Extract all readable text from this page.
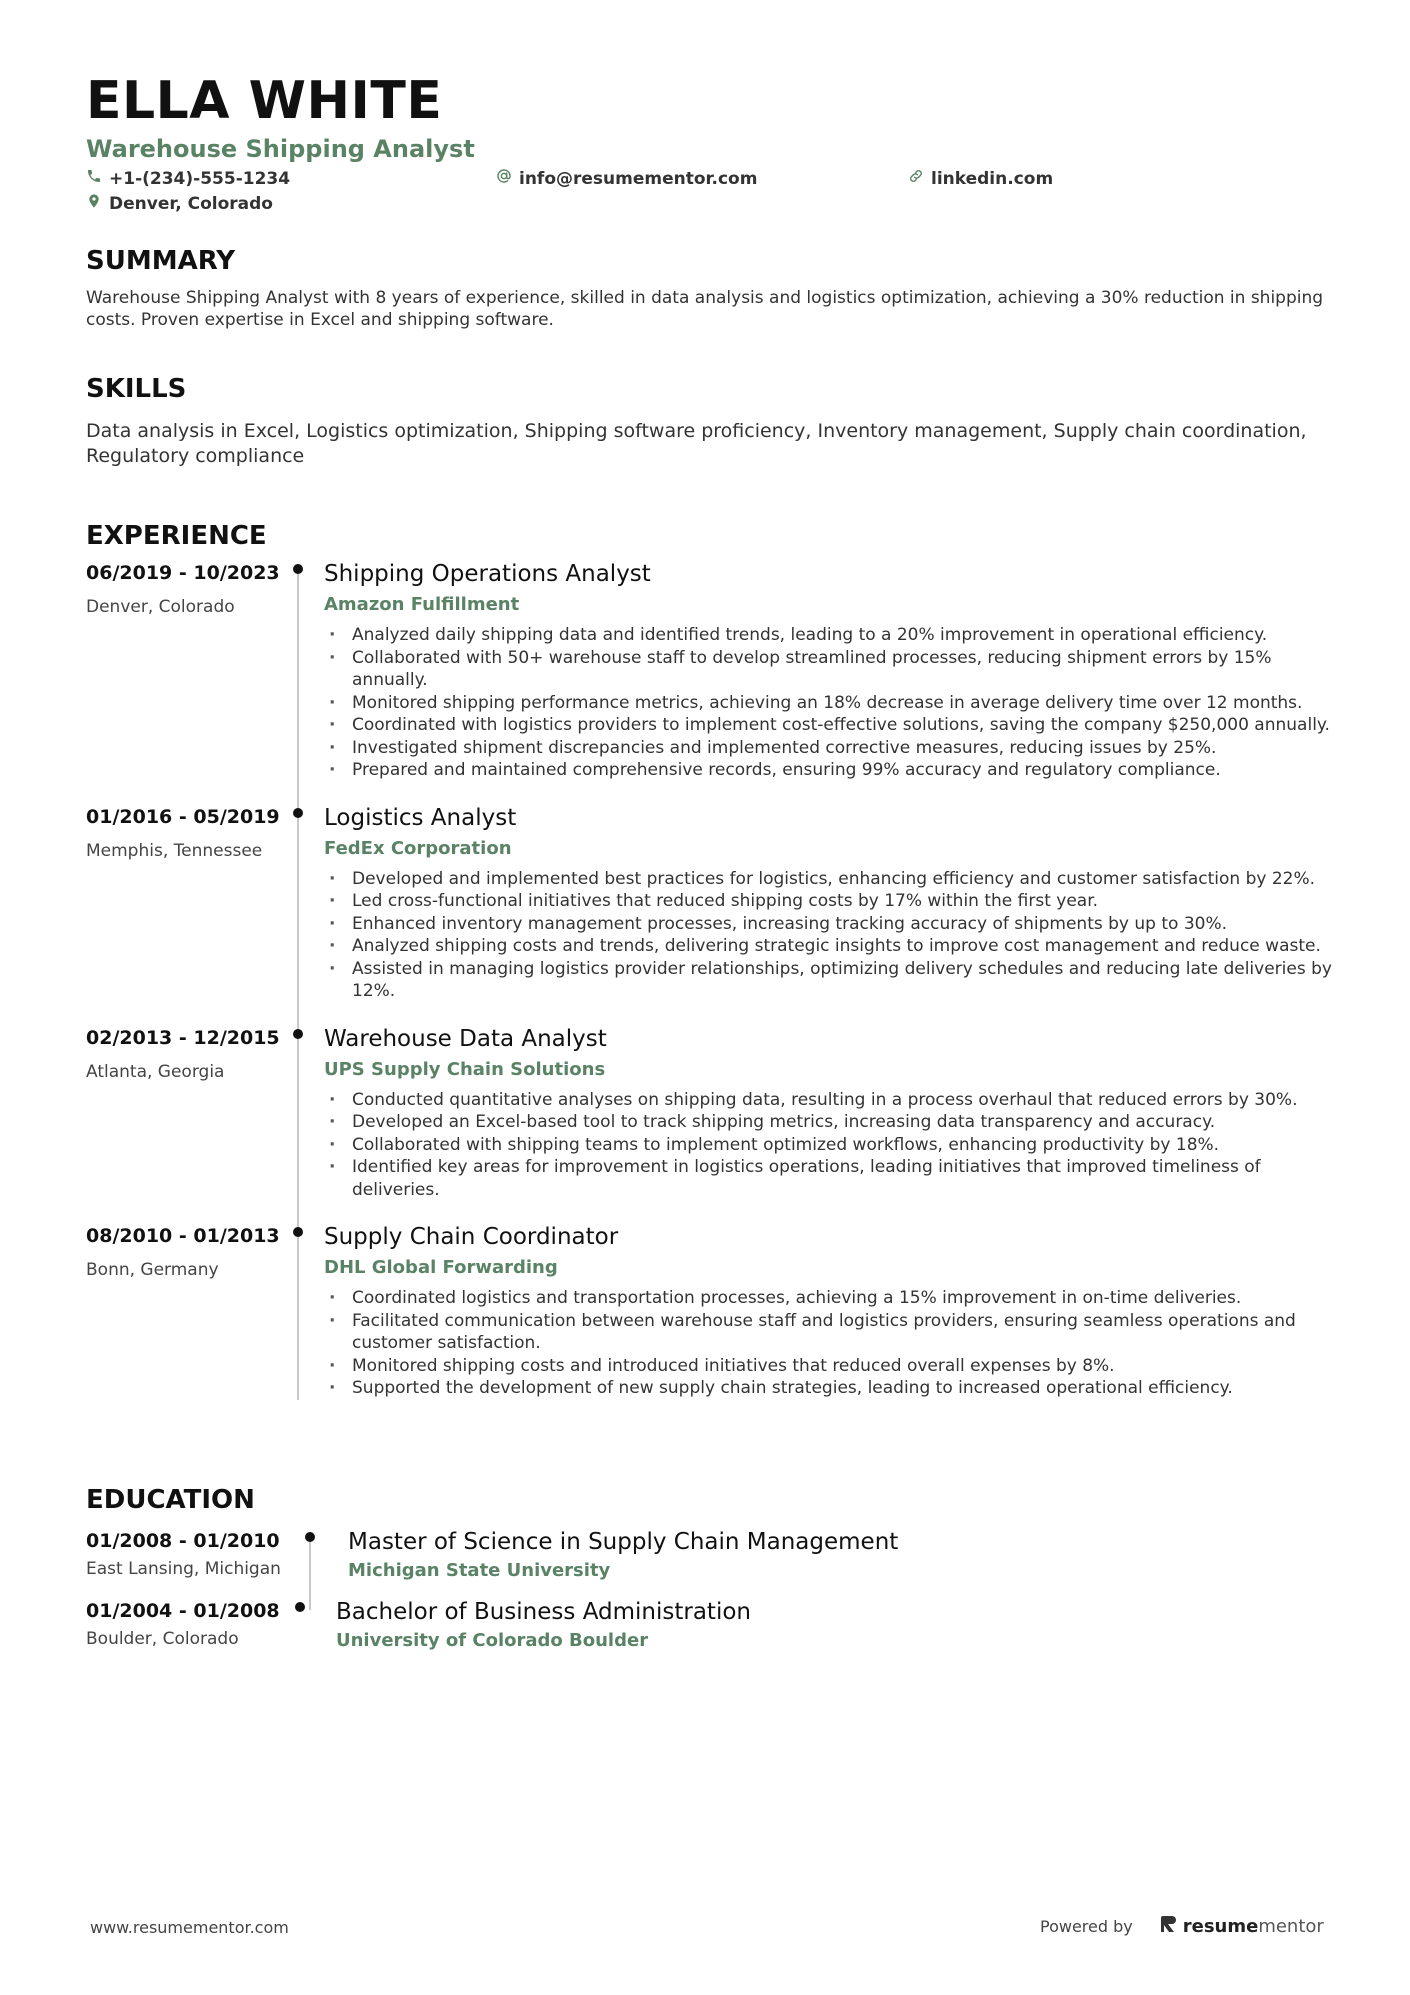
ELLA WHITE
Warehouse Shipping Analyst
+1-(234)-555-1234	info@resumementor.com	linkedin.com
Denver, Colorado
SUMMARY

Warehouse Shipping Analyst with 8 years of experience, skilled in data analysis and logistics optimization, achieving a 30% reduction in shipping costs. Proven expertise in Excel and shipping software.

SKILLS

Data analysis in Excel, Logistics optimization, Shipping software proficiency, Inventory management, Supply chain coordination, Regulatory compliance

EXPERIENCE
06/2019 - 10/2023
Denver, Colorado
Shipping Operations Analyst
Amazon Fulfillment
· Analyzed daily shipping data and identified trends, leading to a 20% improvement in operational efficiency.
· Collaborated with 50+ warehouse staff to develop streamlined processes, reducing shipment errors by 15% annually.
· Monitored shipping performance metrics, achieving an 18% decrease in average delivery time over 12 months.
· Coordinated with logistics providers to implement cost-effective solutions, saving the company $250,000 annually.
· Investigated shipment discrepancies and implemented corrective measures, reducing issues by 25%.
· Prepared and maintained comprehensive records, ensuring 99% accuracy and regulatory compliance.
01/2016 - 05/2019
Memphis, Tennessee
Logistics Analyst
FedEx Corporation
· Developed and implemented best practices for logistics, enhancing efficiency and customer satisfaction by 22%.
· Led cross-functional initiatives that reduced shipping costs by 17% within the first year.
· Enhanced inventory management processes, increasing tracking accuracy of shipments by up to 30%.
· Analyzed shipping costs and trends, delivering strategic insights to improve cost management and reduce waste.
· Assisted in managing logistics provider relationships, optimizing delivery schedules and reducing late deliveries by 12%.
02/2013 - 12/2015
Atlanta, Georgia
Warehouse Data Analyst
UPS Supply Chain Solutions
· Conducted quantitative analyses on shipping data, resulting in a process overhaul that reduced errors by 30%.
· Developed an Excel-based tool to track shipping metrics, increasing data transparency and accuracy.
· Collaborated with shipping teams to implement optimized workflows, enhancing productivity by 18%.
· Identified key areas for improvement in logistics operations, leading initiatives that improved timeliness of deliveries.
08/2010 - 01/2013
Bonn, Germany
Supply Chain Coordinator
DHL Global Forwarding
· Coordinated logistics and transportation processes, achieving a 15% improvement in on-time deliveries.
· Facilitated communication between warehouse staff and logistics providers, ensuring seamless operations and customer satisfaction.
· Monitored shipping costs and introduced initiatives that reduced overall expenses by 8%.
· Supported the development of new supply chain strategies, leading to increased operational efficiency.
EDUCATION
01/2008 - 01/2010
East Lansing, Michigan
Master of Science in Supply Chain Management
Michigan State University
01/2004 - 01/2008
Boulder, Colorado
Bachelor of Business Administration
University of Colorado Boulder
www.resumementor.com	Powered by	resumementor
